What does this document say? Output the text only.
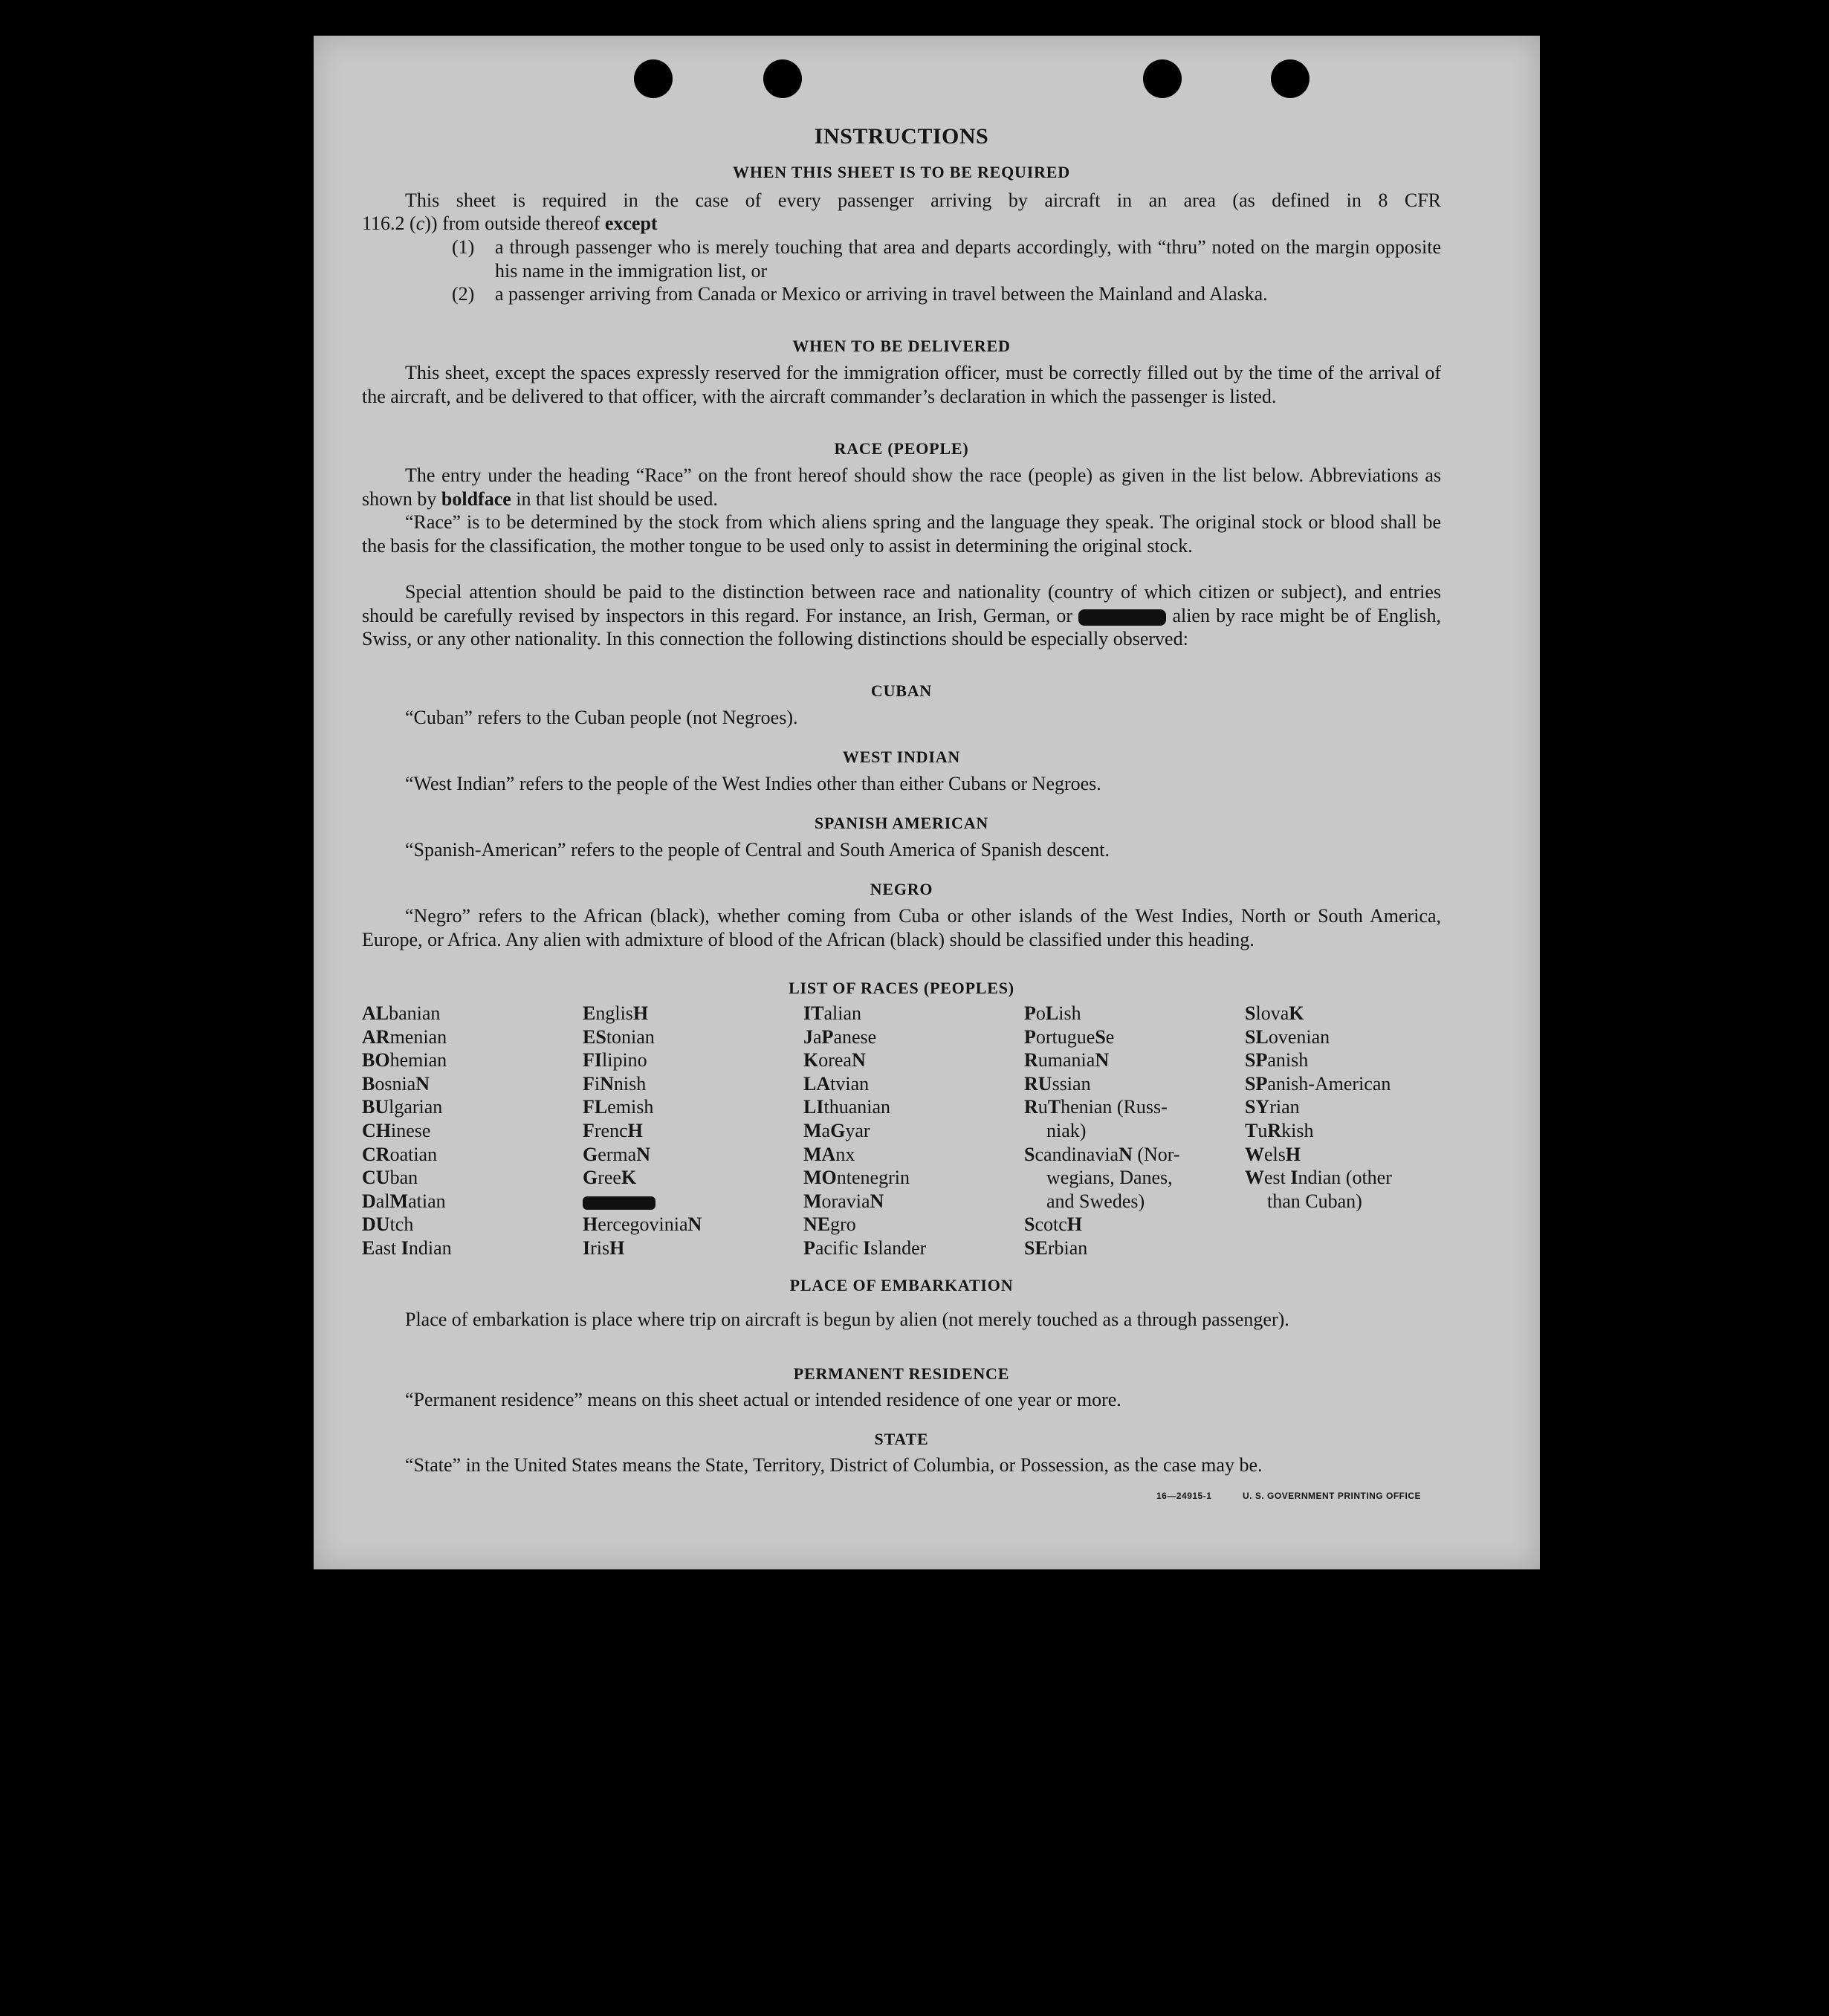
INSTRUCTIONS
WHEN THIS SHEET IS TO BE REQUIRED
This sheet is required in the case of every passenger arriving by aircraft in an area (as defined in 8 CFR
116.2 (c)) from outside thereof except
(1) a through passenger who is merely touching that area and departs accordingly, with “thru” noted on the margin opposite his name in the immigration list, or
(2) a passenger arriving from Canada or Mexico or arriving in travel between the Mainland and Alaska.
WHEN TO BE DELIVERED
This sheet, except the spaces expressly reserved for the immigration officer, must be correctly filled out by the time of the arrival of the aircraft, and be delivered to that officer, with the aircraft commander’s declaration in which the passenger is listed.
RACE (PEOPLE)
The entry under the heading “Race” on the front hereof should show the race (people) as given in the list below. Abbreviations as shown by boldface in that list should be used.
“Race” is to be determined by the stock from which aliens spring and the language they speak. The original stock or blood shall be the basis for the classification, the mother tongue to be used only to assist in determining the original stock.
Special attention should be paid to the distinction between race and nationality (country of which citizen or subject), and entries should be carefully revised by inspectors in this regard. For instance, an Irish, German, or	alien by race might be of English, Swiss, or any other nationality. In this connection the following distinctions should be especially observed:
CUBAN
“Cuban” refers to the Cuban people (not Negroes).
WEST INDIAN
“West Indian” refers to the people of the West Indies other than either Cubans or Negroes.
SPANISH AMERICAN
“Spanish-American” refers to the people of Central and South America of Spanish descent.
NEGRO
“Negro” refers to the African (black), whether coming from Cuba or other islands of the West Indies, North or South America, Europe, or Africa. Any alien with admixture of blood of the African (black) should be classified under this heading.
LIST OF RACES (PEOPLES)
ALbanian
ARmenian
BOhemian
BosniaN
BUlgarian
CHinese
CRoatian
CUban
DalMatian
DUtch
East Indian
EnglisH
EStonian
FIlipino
FiNnish
FLemish
FrencH
GermaN
GreeK
HercegoviniaN
IrisH
ITalian
JaPanese
KoreaN
LAtvian
LIthuanian
MaGyar
MAnx
MOntenegrin
MoraviaN
NEgro
Pacific Islander
PoLish
PortugueSe
RumaniaN
RUssian
RuThenian (Russ-
niak)
ScandinaviaN (Nor-
wegians, Danes,
and Swedes)
ScotcH
SErbian
SlovaK
SLovenian
SPanish
SPanish-American
SYrian
TuRkish
WelsH
West Indian (other
than Cuban)
PLACE OF EMBARKATION
Place of embarkation is place where trip on aircraft is begun by alien (not merely touched as a through passenger).
PERMANENT RESIDENCE
“Permanent residence” means on this sheet actual or intended residence of one year or more.
STATE
“State” in the United States means the State, Territory, District of Columbia, or Possession, as the case may be.
16—24915-1	U. S. GOVERNMENT PRINTING OFFICE
